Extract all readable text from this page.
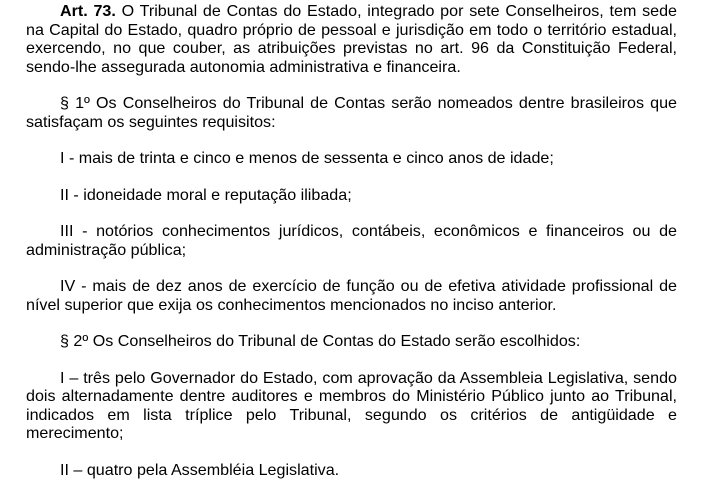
Art. 73. O Tribunal de Contas do Estado, integrado por sete Conselheiros, tem sede na Capital do Estado, quadro próprio de pessoal e jurisdição em todo o território estadual, exercendo, no que couber, as atribuições previstas no art. 96 da Constituição Federal, sendo-lhe assegurada autonomia administrativa e financeira.

§ 1º Os Conselheiros do Tribunal de Contas serão nomeados dentre brasileiros que satisfaçam os seguintes requisitos:

I - mais de trinta e cinco e menos de sessenta e cinco anos de idade;

II - idoneidade moral e reputação ilibada;

III - notórios conhecimentos jurídicos, contábeis, econômicos e financeiros ou de administração pública;

IV - mais de dez anos de exercício de função ou de efetiva atividade profissional de nível superior que exija os conhecimentos mencionados no inciso anterior.

§ 2º Os Conselheiros do Tribunal de Contas do Estado serão escolhidos:

I – três pelo Governador do Estado, com aprovação da Assembleia Legislativa, sendo dois alternadamente dentre auditores e membros do Ministério Público junto ao Tribunal, indicados em lista tríplice pelo Tribunal, segundo os critérios de antigüidade e merecimento;

II – quatro pela Assembléia Legislativa.
